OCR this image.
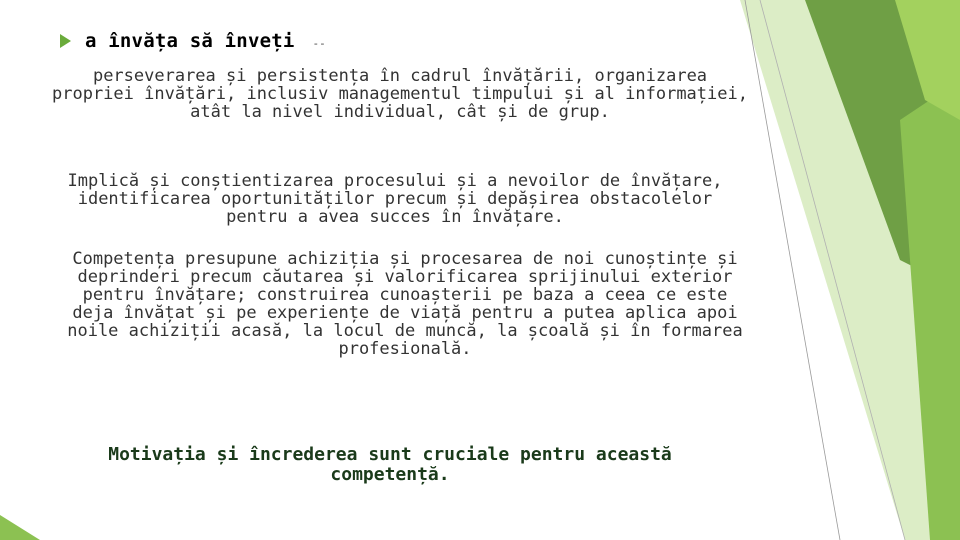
a învăța să înveți --
perseverarea și persistența în cadrul învățării, organizarea
propriei învățări, inclusiv managementul timpului și al informației,
atât la nivel individual, cât și de grup.
Implică și conștientizarea procesului și a nevoilor de învățare,
identificarea oportunităților precum și depășirea obstacolelor
pentru a avea succes în învățare.
Competența presupune achiziția și procesarea de noi cunoștințe și
deprinderi precum căutarea și valorificarea sprijinului exterior
pentru învățare; construirea cunoașterii pe baza a ceea ce este
deja învățat și pe experiențe de viață pentru a putea aplica apoi
noile achiziții acasă, la locul de muncă, la școală și în formarea
profesională.
Motivația și încrederea sunt cruciale pentru această
competență.
